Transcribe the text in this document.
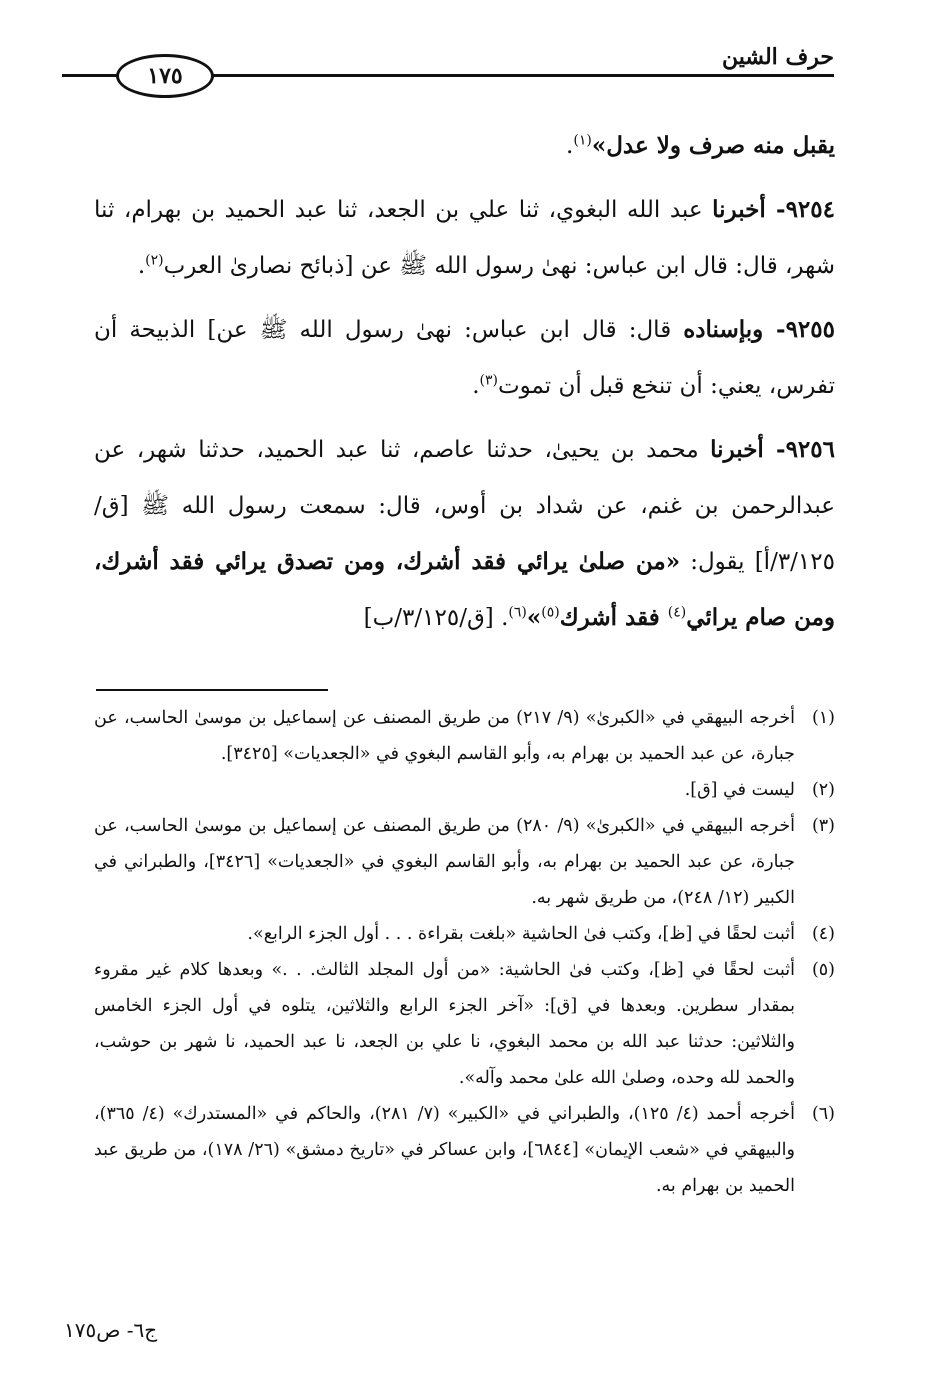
حرف الشين
١٧٥

يقبل منه صرف ولا عدل»$^{(١)}$.

٩٢٥٤- أخبرنا عبد الله البغوي، ثنا علي بن الجعد، ثنا عبد الحميد بن بهرام، ثنا شهر، قال: قال ابن عباس: نهىٰ رسول الله ﷺ عن [ذبائح نصارىٰ العرب$^{(٢)}$.

٩٢٥٥- وبإسناده قال: قال ابن عباس: نهىٰ رسول الله ﷺ عن] الذبيحة أن تفرس، يعني: أن تنخع قبل أن تموت$^{(٣)}$.

٩٢٥٦- أخبرنا محمد بن يحيىٰ، حدثنا عاصم، ثنا عبد الحميد، حدثنا شهر، عن عبدالرحمن بن غنم، عن شداد بن أوس، قال: سمعت رسول الله ﷺ [ق/٣/١٢٥/أ] يقول: «من صلىٰ يرائي فقد أشرك، ومن تصدق يرائي فقد أشرك، ومن صام يرائي$^{(٤)}$ فقد أشرك$^{(٥)}$»$^{(٦)}$. [ق/٣/١٢٥/ب]

(١)
أخرجه البيهقي في «الكبرىٰ» (٩/ ٢١٧) من طريق المصنف عن إسماعيل بن موسىٰ الحاسب، عن جبارة، عن عبد الحميد بن بهرام به، وأبو القاسم البغوي في «الجعديات» [٣٤٢٥].
(٢)
ليست في [ق].
(٣)
أخرجه البيهقي في «الكبرىٰ» (٩/ ٢٨٠) من طريق المصنف عن إسماعيل بن موسىٰ الحاسب، عن جبارة، عن عبد الحميد بن بهرام به، وأبو القاسم البغوي في «الجعديات» [٣٤٢٦]، والطبراني في الكبير (١٢/ ٢٤٨)، من طريق شهر به.
(٤)
أثبت لحقًا في [ظ]، وكتب فىٰ الحاشية «بلغت بقراءة . . . أول الجزء الرابع».
(٥)
أثبت لحقًا في [ظ]، وكتب فىٰ الحاشية: «من أول المجلد الثالث. . .» وبعدها كلام غير مقروء بمقدار سطرين. وبعدها في [ق]: «آخر الجزء الرابع والثلاثين، يتلوه في أول الجزء الخامس والثلاثين: حدثنا عبد الله بن محمد البغوي، نا علي بن الجعد، نا عبد الحميد، نا شهر بن حوشب، والحمد لله وحده، وصلىٰ الله علىٰ محمد وآله».
(٦)
أخرجه أحمد (٤/ ١٢٥)، والطبراني في «الكبير» (٧/ ٢٨١)، والحاكم في «المستدرك» (٤/ ٣٦٥)، والبيهقي في «شعب الإيمان» [٦٨٤٤]، وابن عساكر في «تاريخ دمشق» (٢٦/ ١٧٨)، من طريق عبد الحميد بن بهرام به.
ج٦- ص١٧٥
